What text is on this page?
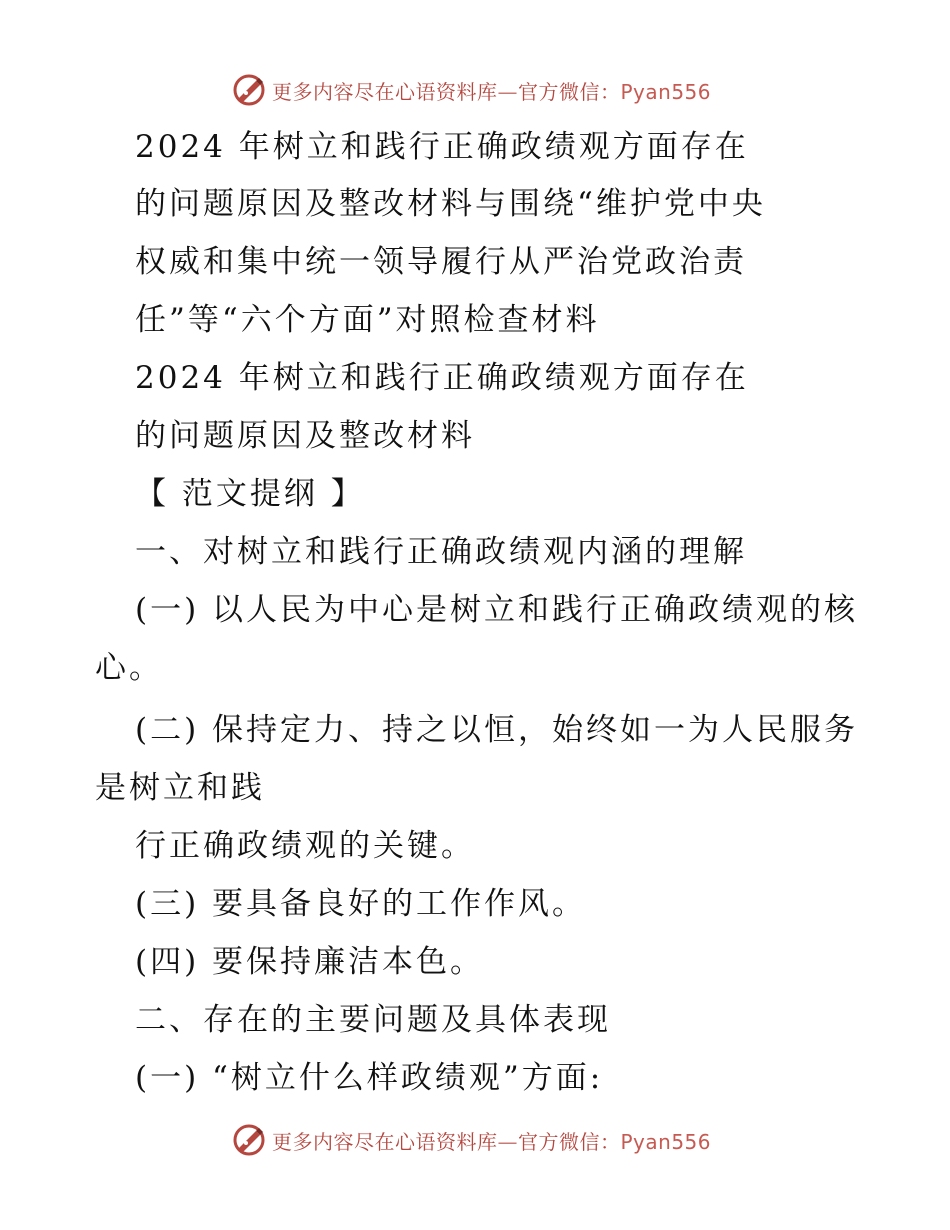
更多内容尽在心语资料库—官方微信：Pyan556
2024 年树立和践行正确政绩观方面存在
的问题原因及整改材料与围绕“维护党中央
权威和集中统一领导履行从严治党政治责
任”等“六个方面”对照检查材料
2024 年树立和践行正确政绩观方面存在
的问题原因及整改材料
【 范文提纲 】
一、对树立和践行正确政绩观内涵的理解
(一) 以人民为中心是树立和践行正确政绩观的核
心。
(二) 保持定力、持之以恒，始终如一为人民服务
是树立和践
行正确政绩观的关键。
(三) 要具备良好的工作作风。
(四) 要保持廉洁本色。
二、存在的主要问题及具体表现
(一) “树立什么样政绩观”方面:
更多内容尽在心语资料库—官方微信：Pyan556
